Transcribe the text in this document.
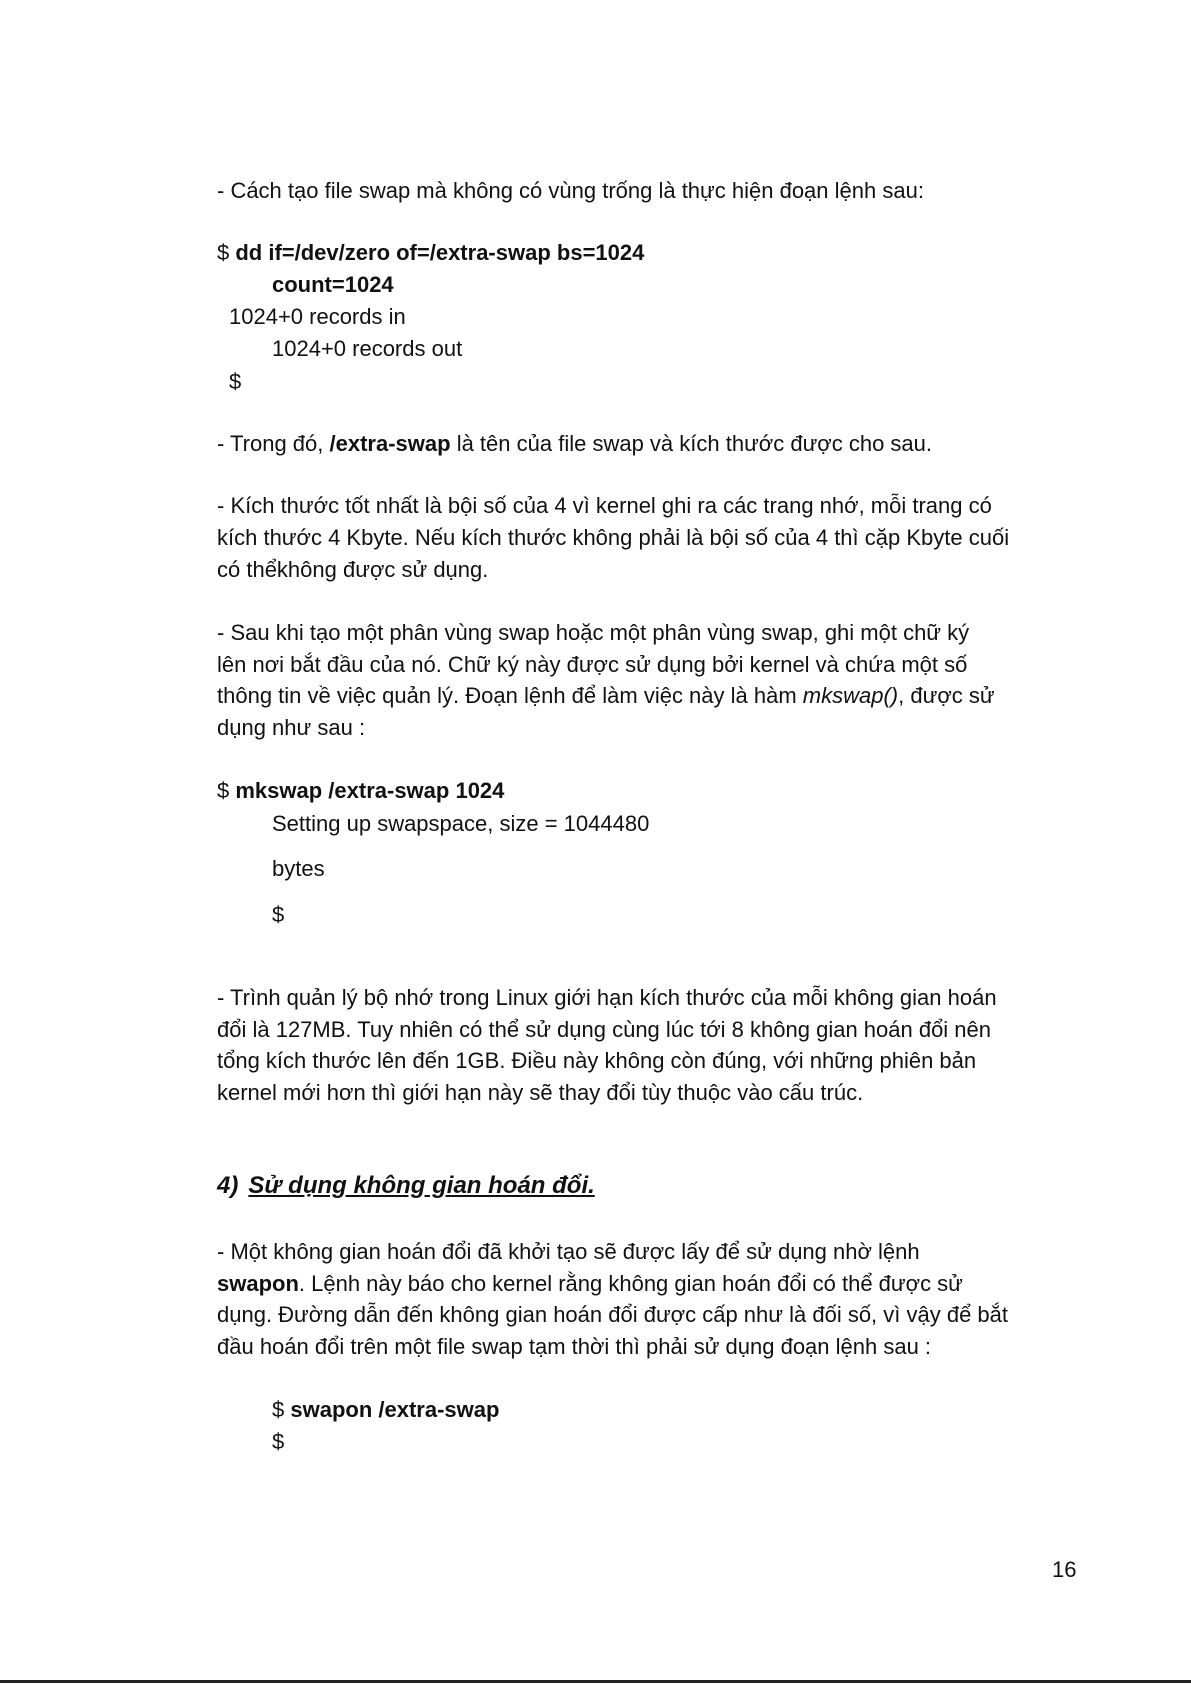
- Cách tạo file swap mà không có vùng trống là thực hiện đoạn lệnh sau:
$ dd if=/dev/zero of=/extra-swap bs=1024
count=1024
1024+0 records in
1024+0 records out
$
- Trong đó, /extra-swap là tên của file swap và kích thước được cho sau.
- Kích thước tốt nhất là bội số của 4 vì kernel ghi ra các trang nhớ, mỗi trang có
kích thước 4 Kbyte. Nếu kích thước không phải là bội số của 4 thì cặp Kbyte cuối
có thểkhông được sử dụng.
- Sau khi tạo một phân vùng swap hoặc một phân vùng swap, ghi một chữ ký
lên nơi bắt đầu của nó. Chữ ký này được sử dụng bởi kernel và chứa một số
thông tin về việc quản lý. Đoạn lệnh để làm việc này là hàm mkswap(), được sử
dụng như sau :
$ mkswap /extra-swap 1024
Setting up swapspace, size = 1044480
bytes
$
- Trình quản lý bộ nhớ trong Linux giới hạn kích thước của mỗi không gian hoán
đổi là 127MB. Tuy nhiên có thể sử dụng cùng lúc tới 8 không gian hoán đổi nên
tổng kích thước lên đến 1GB. Điều này không còn đúng, với những phiên bản
kernel mới hơn thì giới hạn này sẽ thay đổi tùy thuộc vào cấu trúc.
4) Sử dụng không gian hoán đổi.
- Một không gian hoán đổi đã khởi tạo sẽ được lấy để sử dụng nhờ lệnh
swapon. Lệnh này báo cho kernel rằng không gian hoán đổi có thể được sử
dụng. Đường dẫn đến không gian hoán đổi được cấp như là đối số, vì vậy để bắt
đầu hoán đổi trên một file swap tạm thời thì phải sử dụng đoạn lệnh sau :
$ swapon /extra-swap
$
16
